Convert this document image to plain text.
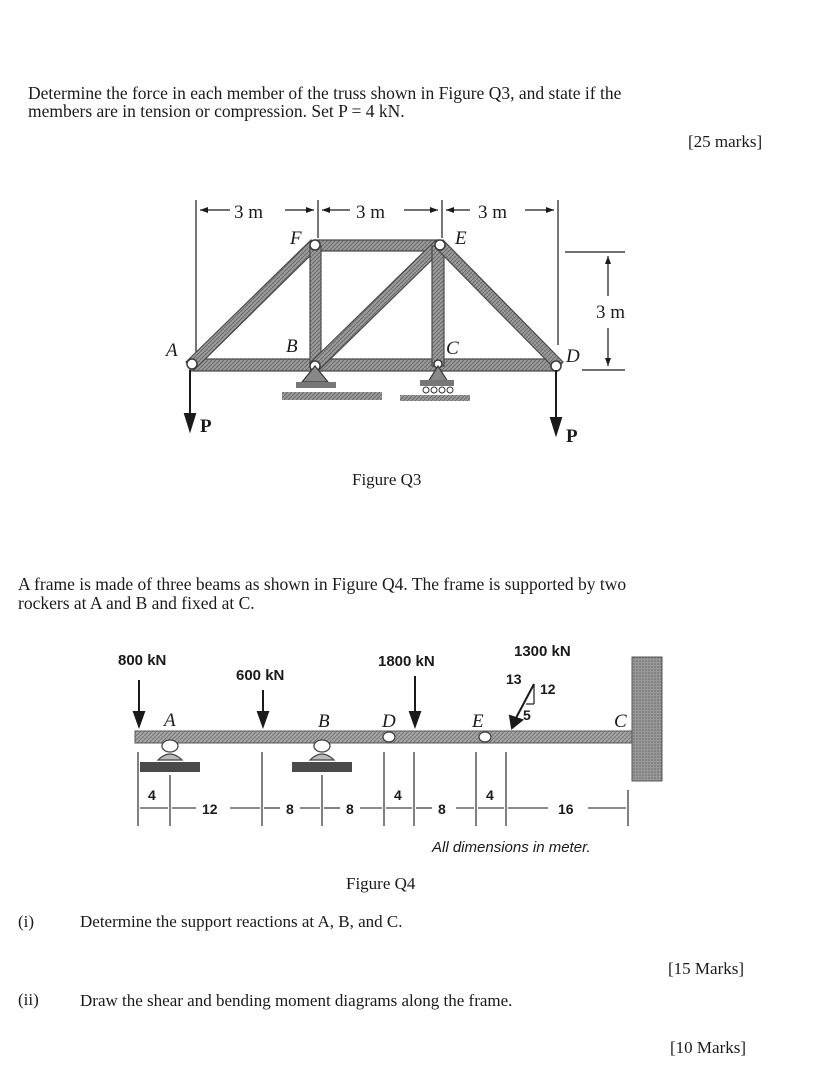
Determine the force in each member of the truss shown in Figure Q3, and state if the
members are in tension or compression. Set P = 4 kN.
[25 marks]
3 m	3 m	3 m
3 m
P	P
A	B	C	D
E
F
Figure Q3
A frame is made of three beams as shown in Figure Q4. The frame is supported by two
rockers at A and B and fixed at C.
800 kN
600 kN
1800 kN
1300 kN
13
12
5
A	B	D	E	C
4
12	8	8
4
8
4
16
All dimensions in meter.
Figure Q4
(i)	Determine the support reactions at A, B, and C.
[15 Marks]
(ii) Draw the shear and bending moment diagrams along the frame.
[10 Marks]
